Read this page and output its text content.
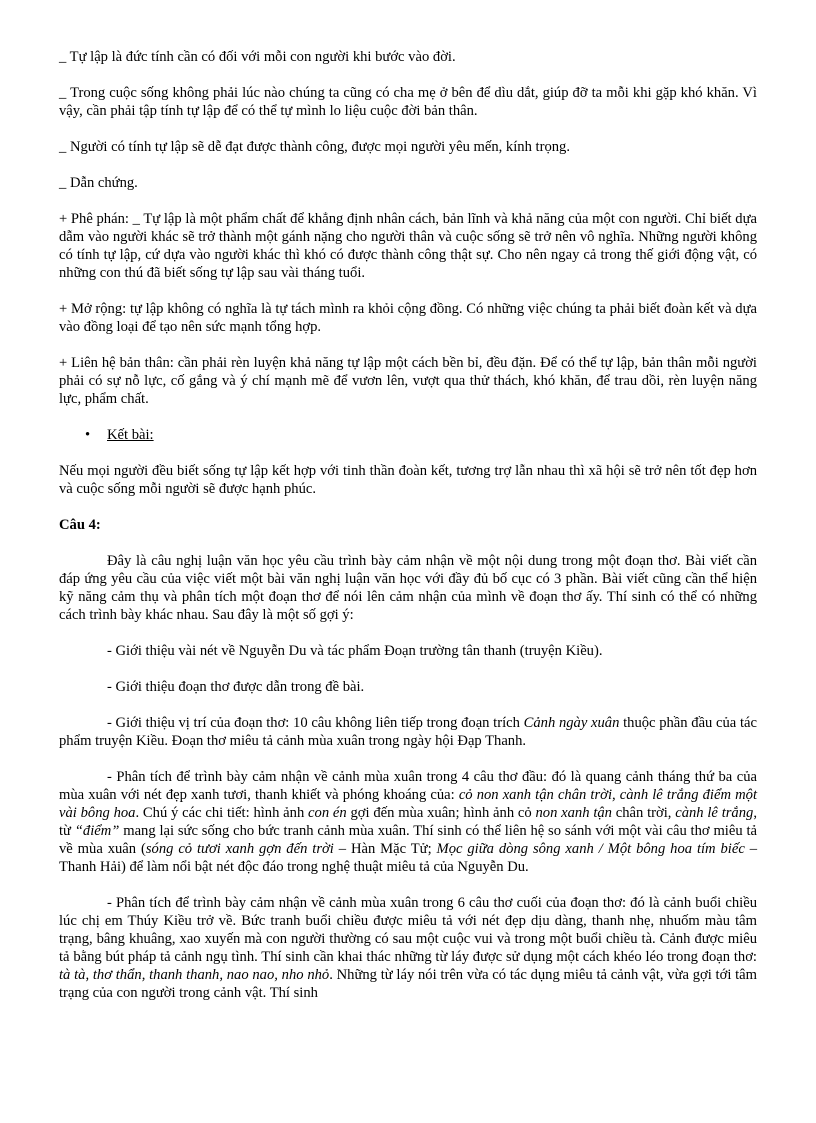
_ Tự lập là đức tính cần có đối với mỗi con người khi bước vào đời.

_ Trong cuộc sống không phải lúc nào chúng ta cũng có cha mẹ ở bên để dìu dắt, giúp đỡ ta mỗi khi gặp khó khăn. Vì vậy, cần phải tập tính tự lập để có thể tự mình lo liệu cuộc đời bản thân.

_ Người có tính tự lập sẽ dễ đạt được thành công, được mọi người yêu mến, kính trọng.

_ Dẫn chứng.

+ Phê phán: _ Tự lập là một phẩm chất để khẳng định nhân cách, bản lĩnh và khả năng của một con người. Chỉ biết dựa dẫm vào người khác sẽ trở thành một gánh nặng cho người thân và cuộc sống sẽ trở nên vô nghĩa. Những người không có tính tự lập, cứ dựa vào người khác thì khó có được thành công thật sự. Cho nên ngay cả trong thế giới động vật, có những con thú đã biết sống tự lập sau vài tháng tuổi.

+ Mở rộng: tự lập không có nghĩa là tự tách mình ra khỏi cộng đồng. Có những việc chúng ta phải biết đoàn kết và dựa vào đồng loại để tạo nên sức mạnh tổng hợp.

+ Liên hệ bản thân: cần phải rèn luyện khả năng tự lập một cách bền bỉ, đều đặn. Để có thể tự lập, bản thân mỗi người phải có sự nỗ lực, cố gắng và ý chí mạnh mẽ để vươn lên, vượt qua thử thách, khó khăn, để trau dồi, rèn luyện năng lực, phẩm chất.

• Kết bài:

Nếu mọi người đều biết sống tự lập kết hợp với tinh thần đoàn kết, tương trợ lẫn nhau thì xã hội sẽ trở nên tốt đẹp hơn và cuộc sống mỗi người sẽ được hạnh phúc.

Câu 4:

Đây là câu nghị luận văn học yêu cầu trình bày cảm nhận về một nội dung trong một đoạn thơ. Bài viết cần đáp ứng yêu cầu của việc viết một bài văn nghị luận văn học với đầy đủ bố cục có 3 phần. Bài viết cũng cần thể hiện kỹ năng cảm thụ và phân tích một đoạn thơ để nói lên cảm nhận của mình về đoạn thơ ấy. Thí sinh có thể có những cách trình bày khác nhau. Sau đây là một số gợi ý:

- Giới thiệu vài nét về Nguyễn Du và tác phẩm Đoạn trường tân thanh (truyện Kiều).

- Giới thiệu đoạn thơ được dẫn trong đề bài.

- Giới thiệu vị trí của đoạn thơ: 10 câu không liên tiếp trong đoạn trích Cảnh ngày xuân thuộc phần đầu của tác phẩm truyện Kiều. Đoạn thơ miêu tả cảnh mùa xuân trong ngày hội Đạp Thanh.

- Phân tích để trình bày cảm nhận về cảnh mùa xuân trong 4 câu thơ đầu: đó là quang cảnh tháng thứ ba của mùa xuân với nét đẹp xanh tươi, thanh khiết và phóng khoáng của: cỏ non xanh tận chân trời, cành lê trắng điểm một vài bông hoa. Chú ý các chi tiết: hình ảnh con én gợi đến mùa xuân; hình ảnh cỏ non xanh tận chân trời, cành lê trắng, từ “điểm” mang lại sức sống cho bức tranh cảnh mùa xuân. Thí sinh có thể liên hệ so sánh với một vài câu thơ miêu tả về mùa xuân (sóng cỏ tươi xanh gợn đến trời – Hàn Mặc Tử; Mọc giữa dòng sông xanh / Một bông hoa tím biếc – Thanh Hải) để làm nổi bật nét độc đáo trong nghệ thuật miêu tả của Nguyễn Du.

- Phân tích để trình bày cảm nhận về cảnh mùa xuân trong 6 câu thơ cuối của đoạn thơ: đó là cảnh buổi chiều lúc chị em Thúy Kiều trở về. Bức tranh buổi chiều được miêu tả với nét đẹp dịu dàng, thanh nhẹ, nhuốm màu tâm trạng, bâng khuâng, xao xuyến mà con người thường có sau một cuộc vui và trong một buổi chiều tà. Cảnh được miêu tả bằng bút pháp tả cảnh ngụ tình. Thí sinh cần khai thác những từ láy được sử dụng một cách khéo léo trong đoạn thơ: tà tà, thơ thẩn, thanh thanh, nao nao, nho nhỏ. Những từ láy nói trên vừa có tác dụng miêu tả cảnh vật, vừa gợi tới tâm trạng của con người trong cảnh vật. Thí sinh
